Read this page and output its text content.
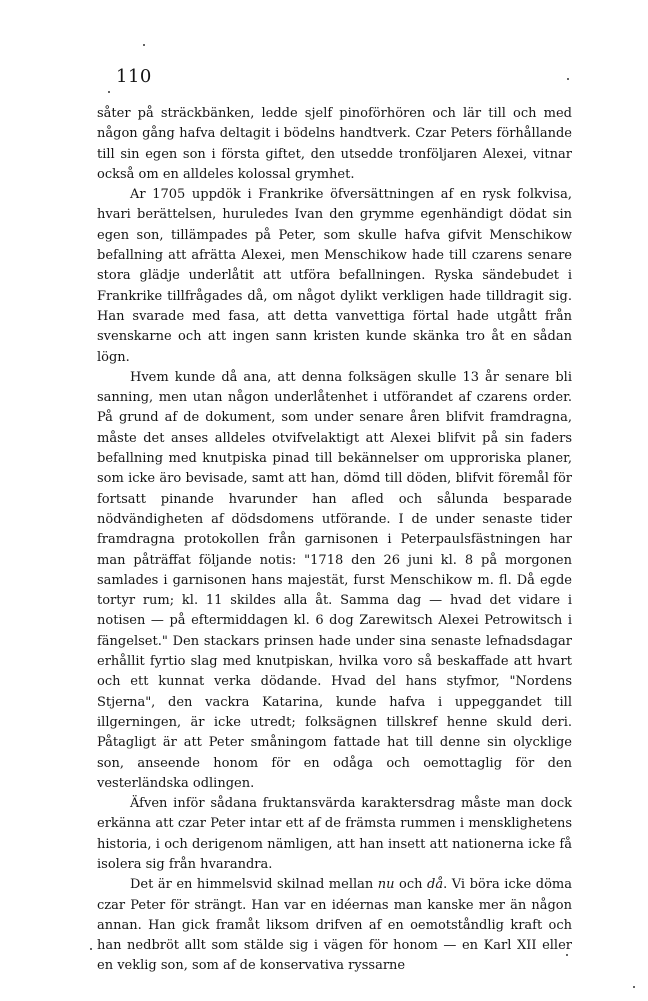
110

såter på sträckbänken, ledde sjelf pinoförhören och lär till och med någon gång hafva deltagit i bödelns handtverk. Czar Peters förhållande till sin egen son i första giftet, den utsedde tronföljaren Alexei, vitnar också om en alldeles kolossal grymhet.

Ar 1705 uppdök i Frankrike öfversättningen af en rysk folkvisa, hvari berättelsen, huruledes Ivan den grymme egenhändigt dödat sin egen son, tillämpades på Peter, som skulle hafva gifvit Menschikow befallning att afrätta Alexei, men Menschikow hade till czarens senare stora glädje underlåtit att utföra befallningen. Ryska sändebudet i Frankrike tillfrågades då, om något dylikt verkligen hade tilldragit sig. Han svarade med fasa, att detta vanvettiga förtal hade utgått från svenskarne och att ingen sann kristen kunde skänka tro åt en sådan lögn.

Hvem kunde då ana, att denna folksägen skulle 13 år senare bli sanning, men utan någon underlåtenhet i utförandet af czarens order. På grund af de dokument, som under senare åren blifvit framdragna, måste det anses alldeles otvifvelaktigt att Alexei blifvit på sin faders befallning med knutpiska pinad till bekännelser om upproriska planer, som icke äro bevisade, samt att han, dömd till döden, blifvit föremål för fortsatt pinande hvarunder han afled och sålunda besparade nödvändigheten af dödsdomens utförande. I de under senaste tider framdragna protokollen från garnisonen i Peterpaulsfästningen har man påträffat följande notis: "1718 den 26 juni kl. 8 på morgonen samlades i garnisonen hans majestät, furst Menschikow m. fl. Då egde tortyr rum; kl. 11 skildes alla åt. Samma dag — hvad det vidare i notisen — på eftermiddagen kl. 6 dog Zarewitsch Alexei Petrowitsch i fängelset." Den stackars prinsen hade under sina senaste lefnadsdagar erhållit fyrtio slag med knutpiskan, hvilka voro så beskaffade att hvart och ett kunnat verka dödande. Hvad del hans styfmor, "Nordens Stjerna", den vackra Katarina, kunde hafva i uppeggandet till illgerningen, är icke utredt; folksägnen tillskref henne skuld deri. Påtagligt är att Peter småningom fattade hat till denne sin olycklige son, anseende honom för en odåga och oemottaglig för den vesterländska odlingen.

Äfven inför sådana fruktansvärda karaktersdrag måste man dock erkänna att czar Peter intar ett af de främsta rummen i mensklighetens historia, i och derigenom nämligen, att han insett att nationerna icke få isolera sig från hvarandra.

Det är en himmelsvid skilnad mellan nu och då. Vi böra icke döma czar Peter för strängt. Han var en idéernas man kanske mer än någon annan. Han gick framåt liksom drifven af en oemotståndlig kraft och han nedbröt allt som stälde sig i vägen för honom — en Karl XII eller en veklig son, som af de konservativa ryssarne
